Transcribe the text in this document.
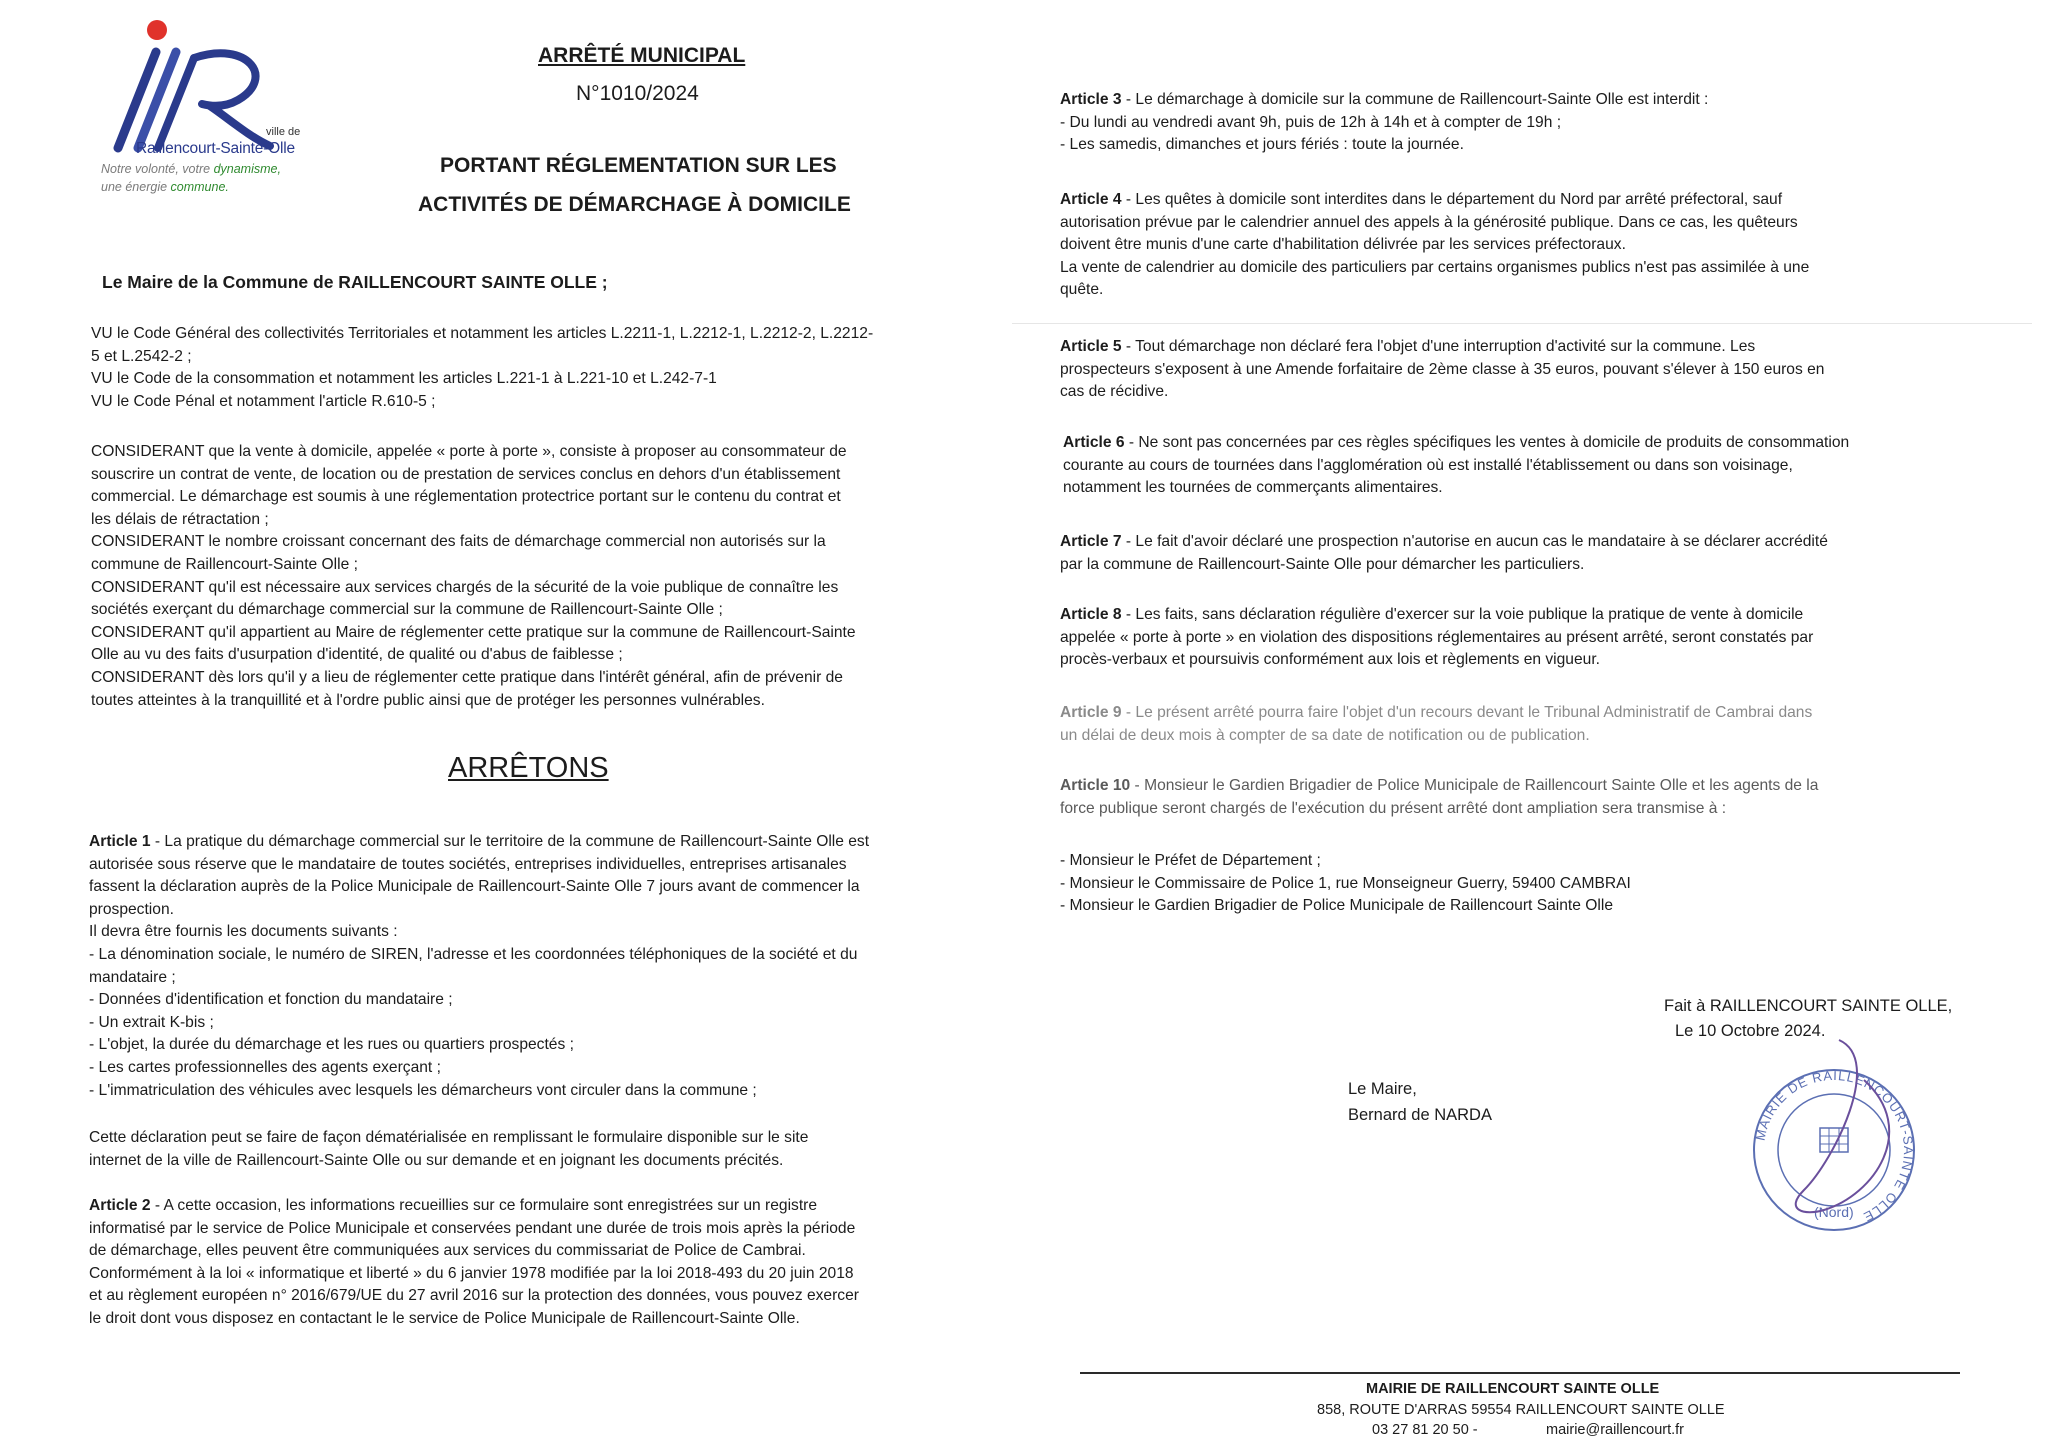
ville de
Raillencourt-Sainte-Olle
Notre volonté, votre dynamisme,
une énergie commune.
ARRÊTÉ MUNICIPAL
N°1010/2024
PORTANT RÉGLEMENTATION SUR LES
ACTIVITÉS DE DÉMARCHAGE À DOMICILE
Le Maire de la Commune de RAILLENCOURT SAINTE OLLE ;
VU le Code Général des collectivités Territoriales et notamment les articles L.2211-1, L.2212-1, L.2212-2, L.2212-
5 et L.2542-2 ;
VU le Code de la consommation et notamment les articles L.221-1 à L.221-10 et L.242-7-1
VU le Code Pénal et notamment l'article R.610-5 ;
CONSIDERANT que la vente à domicile, appelée « porte à porte », consiste à proposer au consommateur de
souscrire un contrat de vente, de location ou de prestation de services conclus en dehors d'un établissement
commercial. Le démarchage est soumis à une réglementation protectrice portant sur le contenu du contrat et
les délais de rétractation ;
CONSIDERANT le nombre croissant concernant des faits de démarchage commercial non autorisés sur la
commune de Raillencourt-Sainte Olle ;
CONSIDERANT qu'il est nécessaire aux services chargés de la sécurité de la voie publique de connaître les
sociétés exerçant du démarchage commercial sur la commune de Raillencourt-Sainte Olle ;
CONSIDERANT qu'il appartient au Maire de réglementer cette pratique sur la commune de Raillencourt-Sainte
Olle au vu des faits d'usurpation d'identité, de qualité ou d'abus de faiblesse ;
CONSIDERANT dès lors qu'il y a lieu de réglementer cette pratique dans l'intérêt général, afin de prévenir de
toutes atteintes à la tranquillité et à l'ordre public ainsi que de protéger les personnes vulnérables.
ARRÊTONS
Article 1 - La pratique du démarchage commercial sur le territoire de la commune de Raillencourt-Sainte Olle est
autorisée sous réserve que le mandataire de toutes sociétés, entreprises individuelles, entreprises artisanales
fassent la déclaration auprès de la Police Municipale de Raillencourt-Sainte Olle 7 jours avant de commencer la
prospection.
Il devra être fournis les documents suivants :
- La dénomination sociale, le numéro de SIREN, l'adresse et les coordonnées téléphoniques de la société et du
mandataire ;
- Données d'identification et fonction du mandataire ;
- Un extrait K-bis ;
- L'objet, la durée du démarchage et les rues ou quartiers prospectés ;
- Les cartes professionnelles des agents exerçant ;
- L'immatriculation des véhicules avec lesquels les démarcheurs vont circuler dans la commune ;
Cette déclaration peut se faire de façon dématérialisée en remplissant le formulaire disponible sur le site
internet de la ville de Raillencourt-Sainte Olle ou sur demande et en joignant les documents précités.
Article 2 - A cette occasion, les informations recueillies sur ce formulaire sont enregistrées sur un registre
informatisé par le service de Police Municipale et conservées pendant une durée de trois mois après la période
de démarchage, elles peuvent être communiquées aux services du commissariat de Police de Cambrai.
Conformément à la loi « informatique et liberté » du 6 janvier 1978 modifiée par la loi 2018-493 du 20 juin 2018
et au règlement européen n° 2016/679/UE du 27 avril 2016 sur la protection des données, vous pouvez exercer
le droit dont vous disposez en contactant le le service de Police Municipale de Raillencourt-Sainte Olle.
Article 3 - Le démarchage à domicile sur la commune de Raillencourt-Sainte Olle est interdit :
- Du lundi au vendredi avant 9h, puis de 12h à 14h et à compter de 19h ;
- Les samedis, dimanches et jours fériés : toute la journée.
Article 4 - Les quêtes à domicile sont interdites dans le département du Nord par arrêté préfectoral, sauf
autorisation prévue par le calendrier annuel des appels à la générosité publique. Dans ce cas, les quêteurs
doivent être munis d'une carte d'habilitation délivrée par les services préfectoraux.
La vente de calendrier au domicile des particuliers par certains organismes publics n'est pas assimilée à une
quête.
Article 5 - Tout démarchage non déclaré fera l'objet d'une interruption d'activité sur la commune. Les
prospecteurs s'exposent à une Amende forfaitaire de 2ème classe à 35 euros, pouvant s'élever à 150 euros en
cas de récidive.
Article 6 - Ne sont pas concernées par ces règles spécifiques les ventes à domicile de produits de consommation
courante au cours de tournées dans l'agglomération où est installé l'établissement ou dans son voisinage,
notamment les tournées de commerçants alimentaires.
Article 7 - Le fait d'avoir déclaré une prospection n'autorise en aucun cas le mandataire à se déclarer accrédité
par la commune de Raillencourt-Sainte Olle pour démarcher les particuliers.
Article 8 - Les faits, sans déclaration régulière d'exercer sur la voie publique la pratique de vente à domicile
appelée « porte à porte » en violation des dispositions réglementaires au présent arrêté, seront constatés par
procès-verbaux et poursuivis conformément aux lois et règlements en vigueur.
Article 9 - Le présent arrêté pourra faire l'objet d'un recours devant le Tribunal Administratif de Cambrai dans
un délai de deux mois à compter de sa date de notification ou de publication.
Article 10 - Monsieur le Gardien Brigadier de Police Municipale de Raillencourt Sainte Olle et les agents de la
force publique seront chargés de l'exécution du présent arrêté dont ampliation sera transmise à :
- Monsieur le Préfet de Département ;
- Monsieur le Commissaire de Police 1, rue Monseigneur Guerry, 59400 CAMBRAI
- Monsieur le Gardien Brigadier de Police Municipale de Raillencourt Sainte Olle
Fait à RAILLENCOURT SAINTE OLLE,
Le 10 Octobre 2024.
Le Maire,
Bernard de NARDA
MAIRIE DE RAILLENCOURT-SAINTE OLLE
(Nord)
MAIRIE DE RAILLENCOURT SAINTE OLLE
858, ROUTE D'ARRAS 59554 RAILLENCOURT SAINTE OLLE
03 27 81 20 50 -	mairie@raillencourt.fr
